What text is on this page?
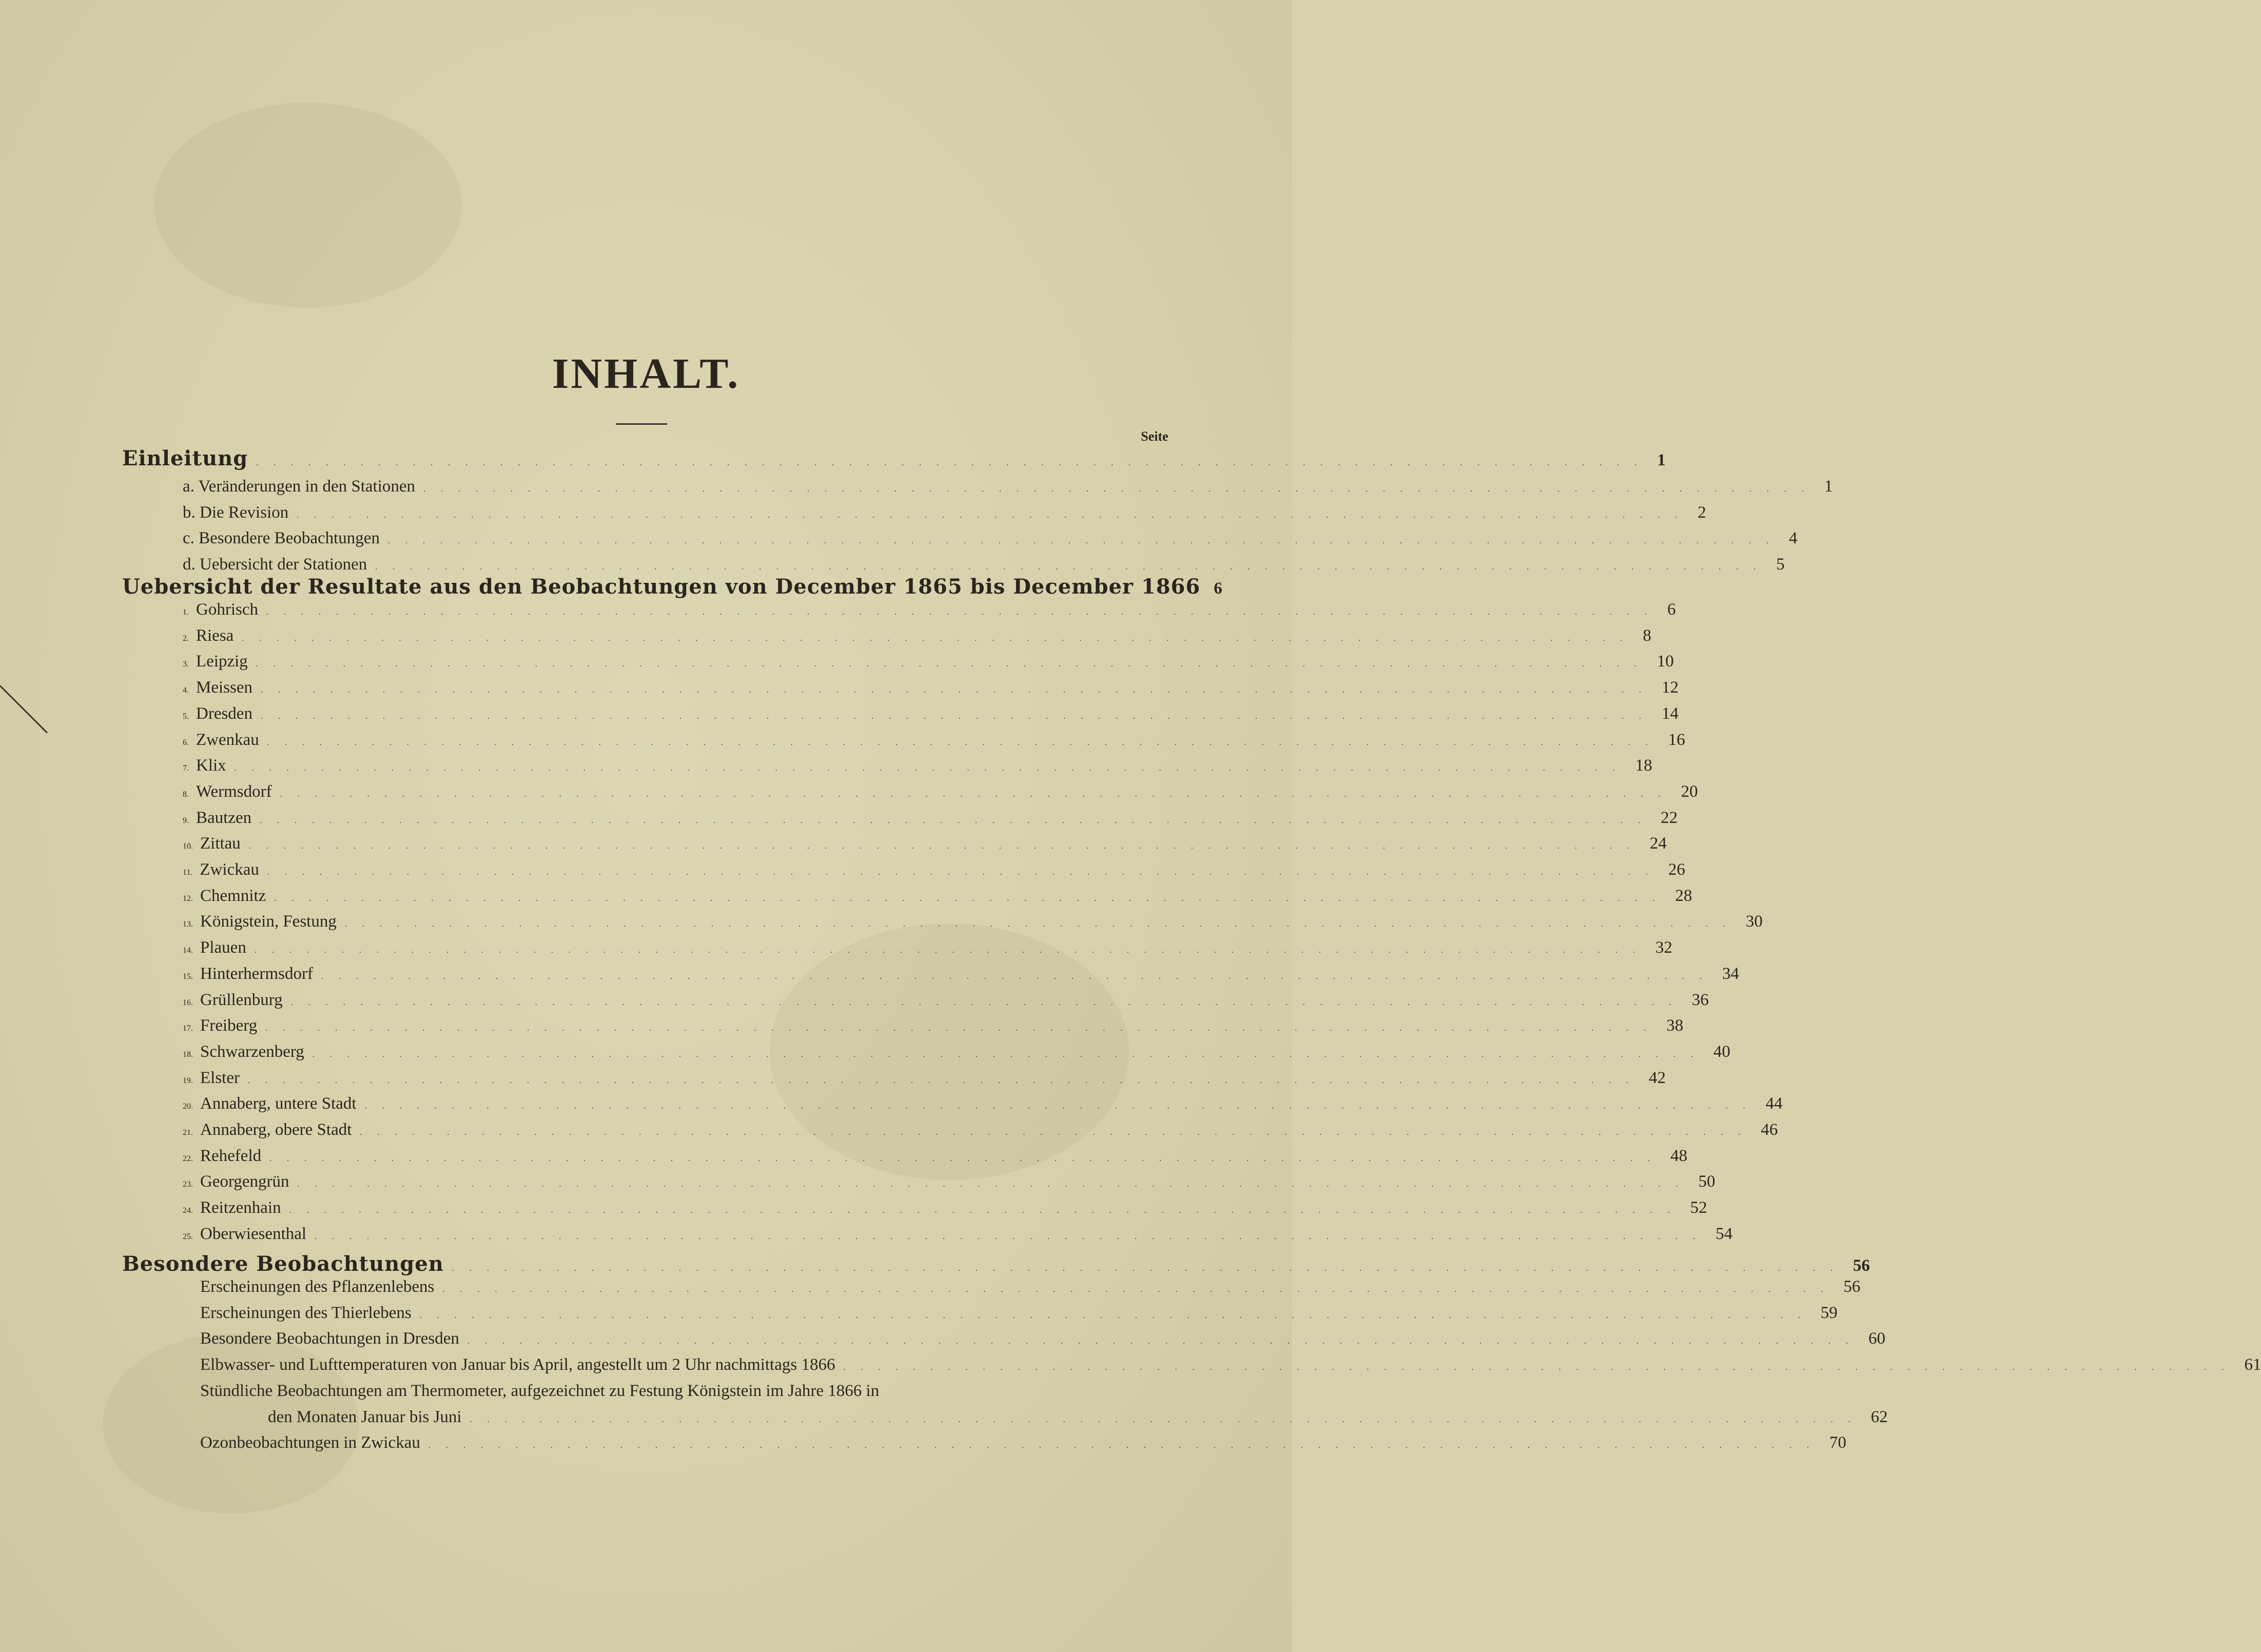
INHALT.
Seite
Einleitung ................................................................................ 1
a. Veränderungen in den Stationen ................................................................................ 1
b. Die Revision ................................................................................ 2
c. Besondere Beobachtungen ................................................................................ 4
d. Uebersicht der Stationen ................................................................................ 5
Uebersicht der Resultate aus den Beobachtungen von December 1865 bis December 1866 6
1. Gohrisch ................................................................................ 6
2. Riesa ................................................................................ 8
3. Leipzig ................................................................................ 10
4. Meissen ................................................................................ 12
5. Dresden ................................................................................ 14
6. Zwenkau ................................................................................ 16
7. Klix ................................................................................ 18
8. Wermsdorf ................................................................................ 20
9. Bautzen ................................................................................ 22
10. Zittau ................................................................................ 24
11. Zwickau ................................................................................ 26
12. Chemnitz ................................................................................ 28
13. Königstein, Festung ................................................................................ 30
14. Plauen ................................................................................ 32
15. Hinterhermsdorf ................................................................................ 34
16. Grüllenburg ................................................................................ 36
17. Freiberg ................................................................................ 38
18. Schwarzenberg ................................................................................ 40
19. Elster ................................................................................ 42
20. Annaberg, untere Stadt ................................................................................ 44
21. Annaberg, obere Stadt ................................................................................ 46
22. Rehefeld ................................................................................ 48
23. Georgengrün ................................................................................ 50
24. Reitzenhain ................................................................................ 52
25. Oberwiesenthal ................................................................................ 54
Besondere Beobachtungen ................................................................................ 56
Erscheinungen des Pflanzenlebens ................................................................................ 56
Erscheinungen des Thierlebens ................................................................................ 59
Besondere Beobachtungen in Dresden ................................................................................ 60
Elbwasser- und Lufttemperaturen von Januar bis April, angestellt um 2 Uhr nachmittags 1866 ................................................................................ 61
Stündliche Beobachtungen am Thermometer, aufgezeichnet zu Festung Königstein im Jahre 1866 in
den Monaten Januar bis Juni ................................................................................ 62
Ozonbeobachtungen in Zwickau ................................................................................ 70
